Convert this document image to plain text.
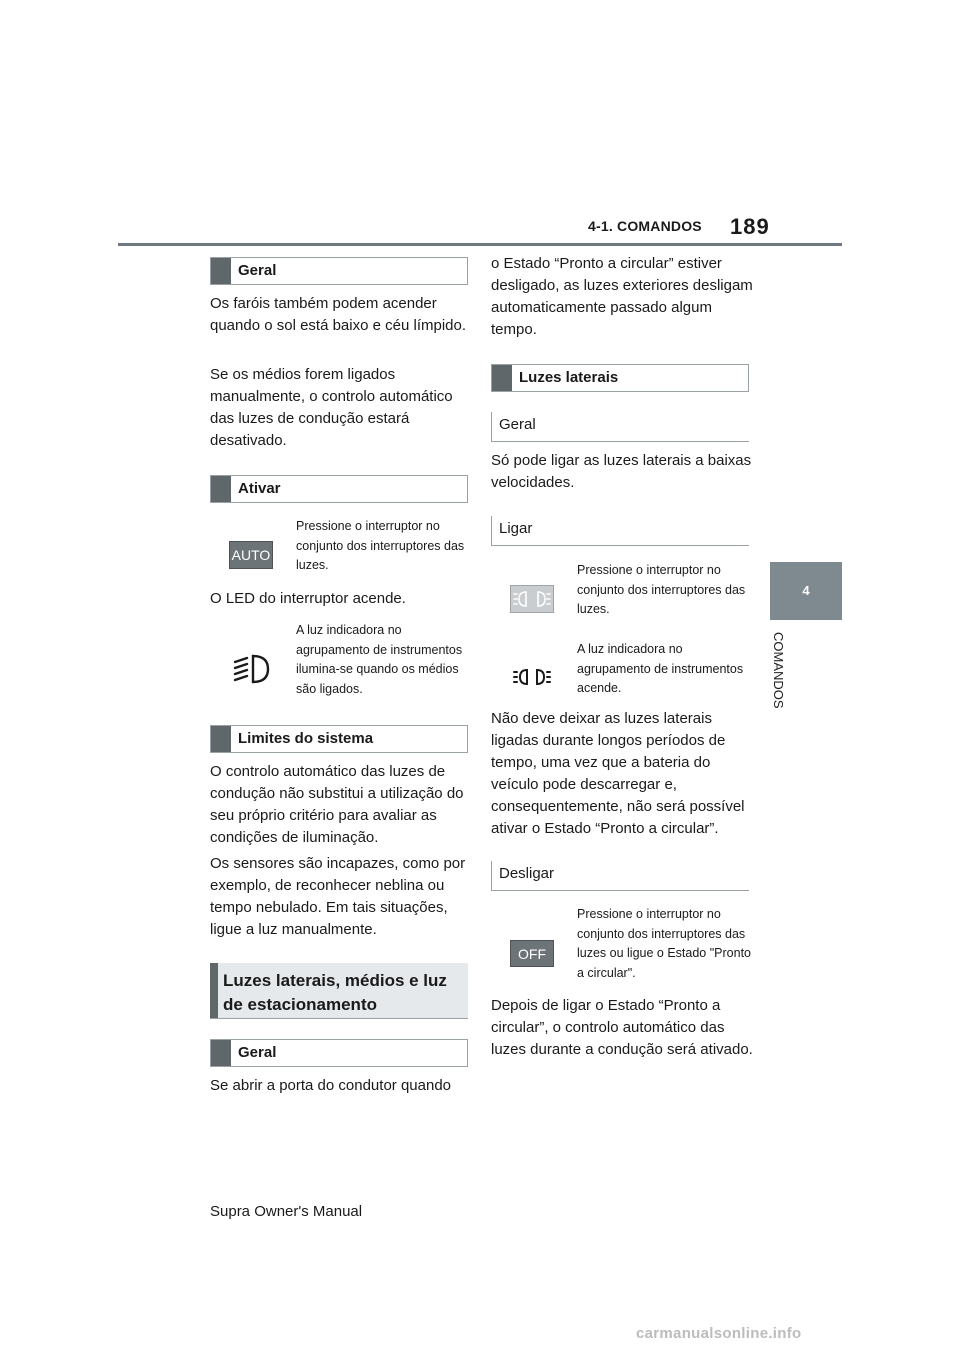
4-1. COMANDOS 189
4
COMANDOS
Geral
Os faróis também podem acender quando o sol está baixo e céu límpido.
Se os médios forem ligados manualmente, o controlo automático das luzes de condução estará desativado.
Ativar
AUTO
Pressione o interruptor no conjunto dos interruptores das luzes.
O LED do interruptor acende.
A luz indicadora no agrupamento de instrumentos ilumina-se quando os médios são ligados.
Limites do sistema
O controlo automático das luzes de condução não substitui a utilização do seu próprio critério para avaliar as condições de iluminação.
Os sensores são incapazes, como por exemplo, de reconhecer neblina ou tempo nebulado. Em tais situações, ligue a luz manualmente.
Luzes laterais, médios e luz de estacionamento
Geral
Se abrir a porta do condutor quando
o Estado “Pronto a circular” estiver desligado, as luzes exteriores desligam automaticamente passado algum tempo.
Luzes laterais
Geral
Só pode ligar as luzes laterais a baixas velocidades.
Ligar
Pressione o interruptor no conjunto dos interruptores das luzes.
A luz indicadora no agrupamento de instrumentos acende.
Não deve deixar as luzes laterais ligadas durante longos períodos de tempo, uma vez que a bateria do veículo pode descarregar e, consequentemente, não será possível ativar o Estado “Pronto a circular”.
Desligar
OFF
Pressione o interruptor no conjunto dos interruptores das luzes ou ligue o Estado "Pronto a circular".
Depois de ligar o Estado “Pronto a circular”, o controlo automático das luzes durante a condução será ativado.
Supra Owner's Manual
carmanualsonline.info
